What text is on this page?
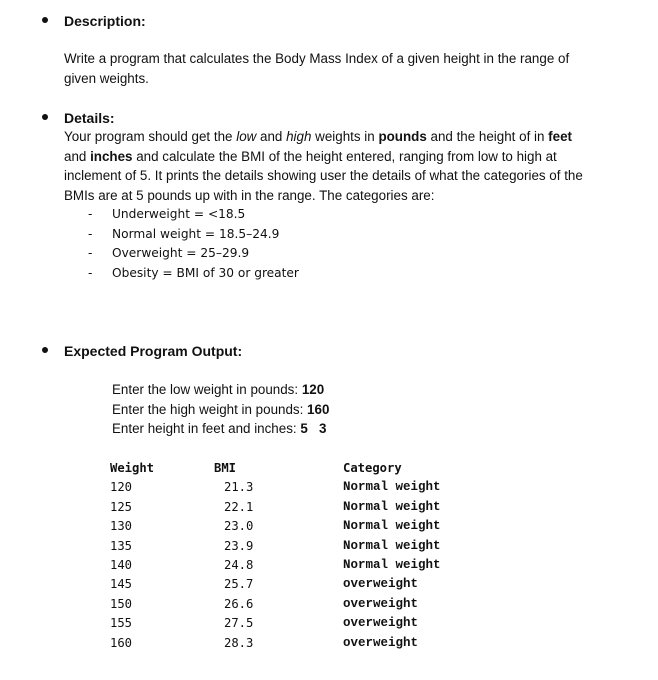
Description:

Write a program that calculates the Body Mass Index of a given height in the range of

given weights.

Details:

Your program should get the low and high weights in pounds and the height of in feet

and inches and calculate the BMI of the height entered, ranging from low to high at

inclement of 5. It prints the details showing user the details of what the categories of the

BMIs are at 5 pounds up with in the range. The categories are:

- Underweight = <18.5
- Normal weight = 18.5–24.9
- Overweight = 25–29.9
- Obesity = BMI of 30 or greater
Expected Program Output:
Enter the low weight in pounds: 120
Enter the high weight in pounds: 160
Enter height in feet and inches: 5 3
Weight	BMI	Category
120	21.3	Normal weight
125	22.1	Normal weight
130	23.0	Normal weight
135	23.9	Normal weight
140	24.8	Normal weight
145	25.7	overweight
150	26.6	overweight
155	27.5	overweight
160	28.3	overweight
